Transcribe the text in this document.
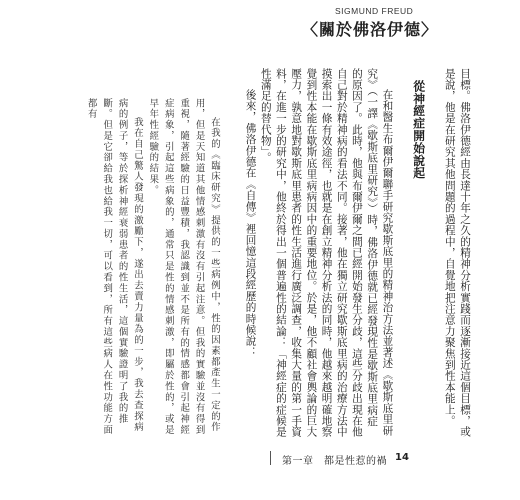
SIGMUND FREUD
〈關於佛洛伊德〉

目標。佛洛伊德經由長達十年之久的精神分析實踐而逐漸接近這個目標，或是說，他是在研究其他問題的過程中，自覺地把注意力聚焦到性本能上。

從神經症開始說起

在和醫生布爾伊爾聯手研究歇斯底里的精神治方法並著述《歇斯底里研究》（一譯《歇斯底里研究》）時，佛洛伊德就已經發現性是歇斯底里病症的原因了。此時，他與布爾伊爾之間已經開始發生分歧，這些分歧出現在他自己對於精神病的看法不同。接著，他在獨立研究歇斯底里病的治療方法中摸索出一條有效途徑，也就是在創立精神分析法的同時，他越來越明確地察覺到性本能在歇斯底里病病因中的重要地位。於是，他不顧社會輿論的巨大壓力，孰意地對歇斯底里患者的性生活進行廣泛調查，收集大量的第一手資料，在進一步的研究中，他終於得出一個普遍性的結論：「神經症的症候是性滿足的替代物」。

後來，佛洛伊德在《自傳》裡回憶這段經歷的時候說：

在我的《臨床研究》提供的一些病例中，性的因素都產生一定的作用，但是天知道其他情感刺激有沒有引起注意。但我的實驗並沒有得到重視，隨著經驗的日益豐積，我認識到並不是所有的情感都會引起神經症病象，引起這些病象的，通常只是性的情感刺激，即屬於性的，或是早年性經驗的結果。

我在自己驚人發現的激勵下，遂出去賣力量為的一步，我去查探病病的例子，等於探析神經衰弱患者的性生活，這個實驗證明了我的推斷。但是它卻給我也給我一切，可以看到，所有這些病人在性功能方面都有

第一章　都是性惹的禍 14
